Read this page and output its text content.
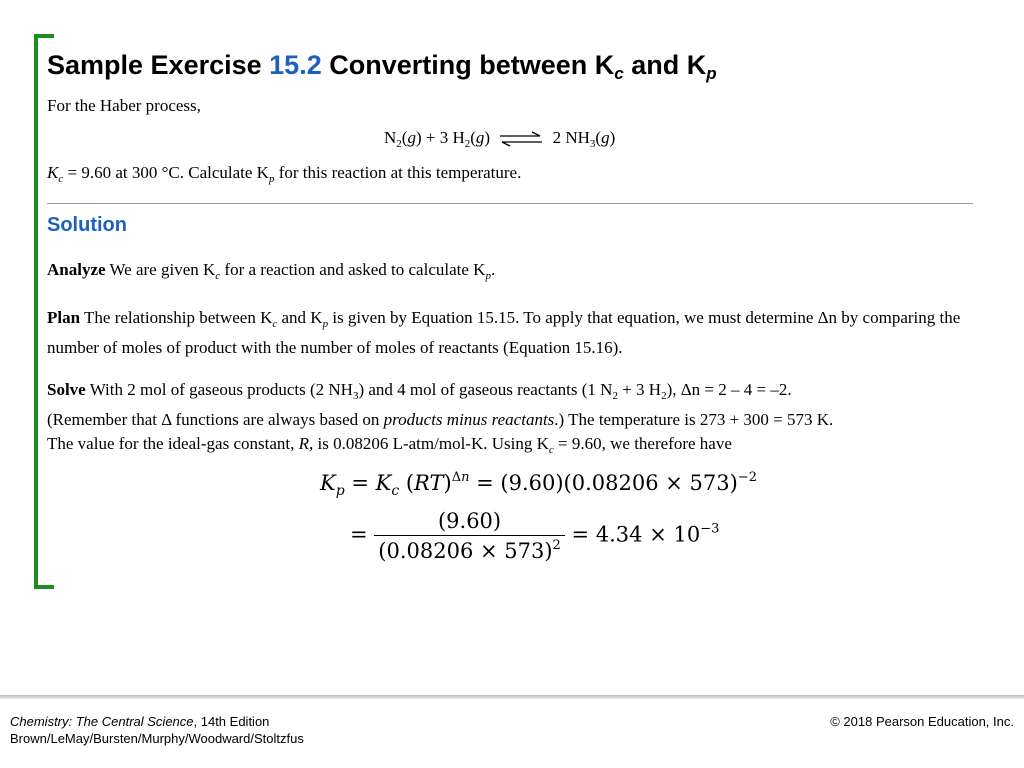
Sample Exercise 15.2 Converting between $K_c$ and $K_p$
For the Haber process,
$N_2(g) + 3$ $H_2(g)$ ⇌ 2 $NH_3(g)$
$K_c = 9.60$ at 300 °C. Calculate $K_p$ for this reaction at this temperature.
Solution
Analyze We are given $K_c$ for a reaction and asked to calculate $K_p$.
Plan The relationship between $K_c$ and $K_p$ is given by Equation 15.15. To apply that equation, we must determine Δn by comparing the number of moles of product with the number of moles of reactants (Equation 15.16).
Solve With 2 mol of gaseous products (2 $NH_3$) and 4 mol of gaseous reactants (1 $N_2 + 3$ $H_2$), Δn = 2 – 4 = –2.
(Remember that Δ functions are always based on products minus reactants.) The temperature is 273 + 300 = 573 K.
The value for the ideal-gas constant, R, is 0.08206 L-atm/mol-K. Using $K_c = 9.60$, we therefore have
$K_p = K_c$ $(RT)^{\Delta n} = (9.60)(0.08206 \times 573)^{-2}$
= $\frac{(9.60)}{(0.08206 \times 573)^2} = 4.34 \times 10^{-3}$
Chemistry: The Central Science, 14th Edition
Brown/LeMay/Bursten/Murphy/Woodward/Stoltzfus
© 2018 Pearson Education, Inc.
